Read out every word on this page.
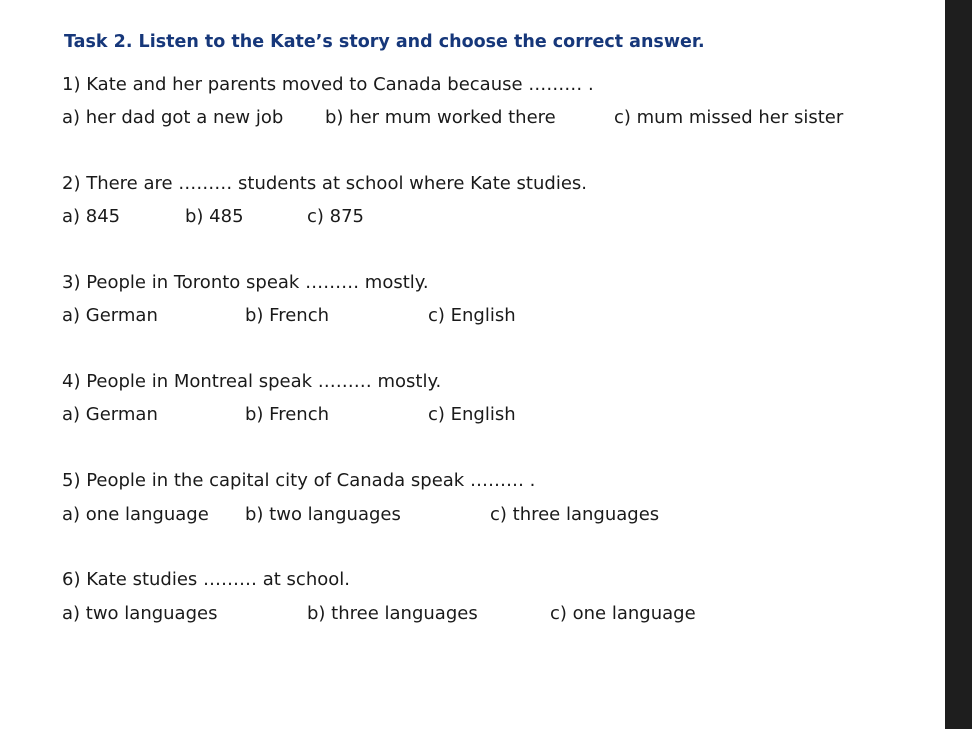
Task 2. Listen to the Kate’s story and choose the correct answer.
1) Kate and her parents moved to Canada because ……… .
a) her dad got a new job b) her mum worked there	c) mum missed her sister
2) There are ……… students at school where Kate studies.
a) 845	b) 485	c) 875
3) People in Toronto speak ……… mostly.
a) German	b) French	c) English
4) People in Montreal speak ……… mostly.
a) German	b) French	c) English
5) People in the capital city of Canada speak ……… .
a) one language b) two languages	c) three languages
6) Kate studies ……… at school.
a) two languages	b) three languages	c) one language
